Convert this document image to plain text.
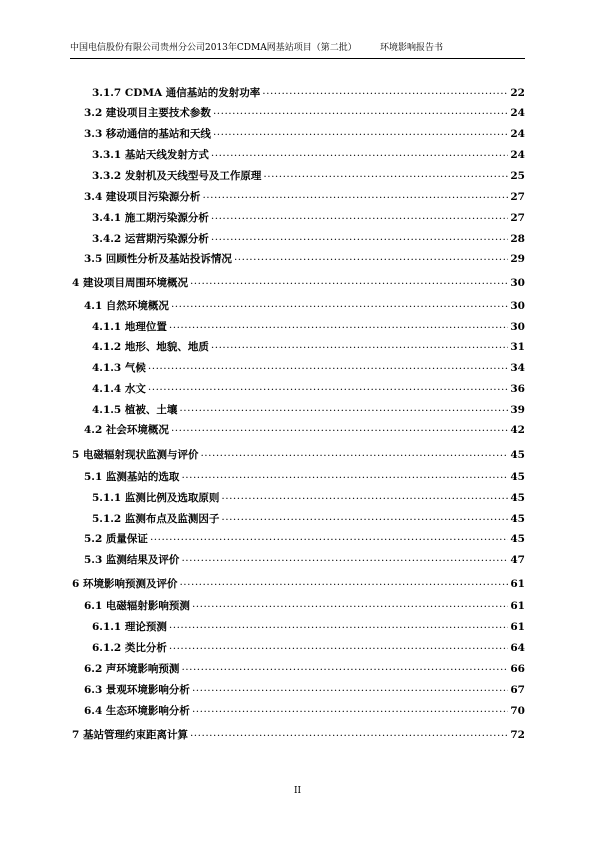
中国电信股份有限公司贵州分公司2013年CDMA网基站项目（第二批）	环境影响报告书
3.1.7 CDMA 通信基站的发射功率 .....	22
3.2 建设项目主要技术参数 .....	24
3.3 移动通信的基站和天线 .....	24
3.3.1 基站天线发射方式 .....	24
3.3.2 发射机及天线型号及工作原理 .....	25
3.4 建设项目污染源分析 .....	27
3.4.1 施工期污染源分析 .....	27
3.4.2 运营期污染源分析 .....	28
3.5 回顾性分析及基站投诉情况 .....	29
4 建设项目周围环境概况 .....	30
4.1 自然环境概况 .....	30
4.1.1 地理位置 .....	30
4.1.2 地形、地貌、地质 .....	31
4.1.3 气候 .....	34
4.1.4 水文 .....	36
4.1.5 植被、土壤 .....	39
4.2 社会环境概况 .....	42
5 电磁辐射现状监测与评价 .....	45
5.1 监测基站的选取 .....	45
5.1.1 监测比例及选取原则 .....	45
5.1.2 监测布点及监测因子 .....	45
5.2 质量保证 .....	45
5.3 监测结果及评价 .....	47
6 环境影响预测及评价 .....	61
6.1 电磁辐射影响预测 .....	61
6.1.1 理论预测 .....	61
6.1.2 类比分析 .....	64
6.2 声环境影响预测 .....	66
6.3 景观环境影响分析 .....	67
6.4 生态环境影响分析 .....	70
7 基站管理约束距离计算 .....	72
II
